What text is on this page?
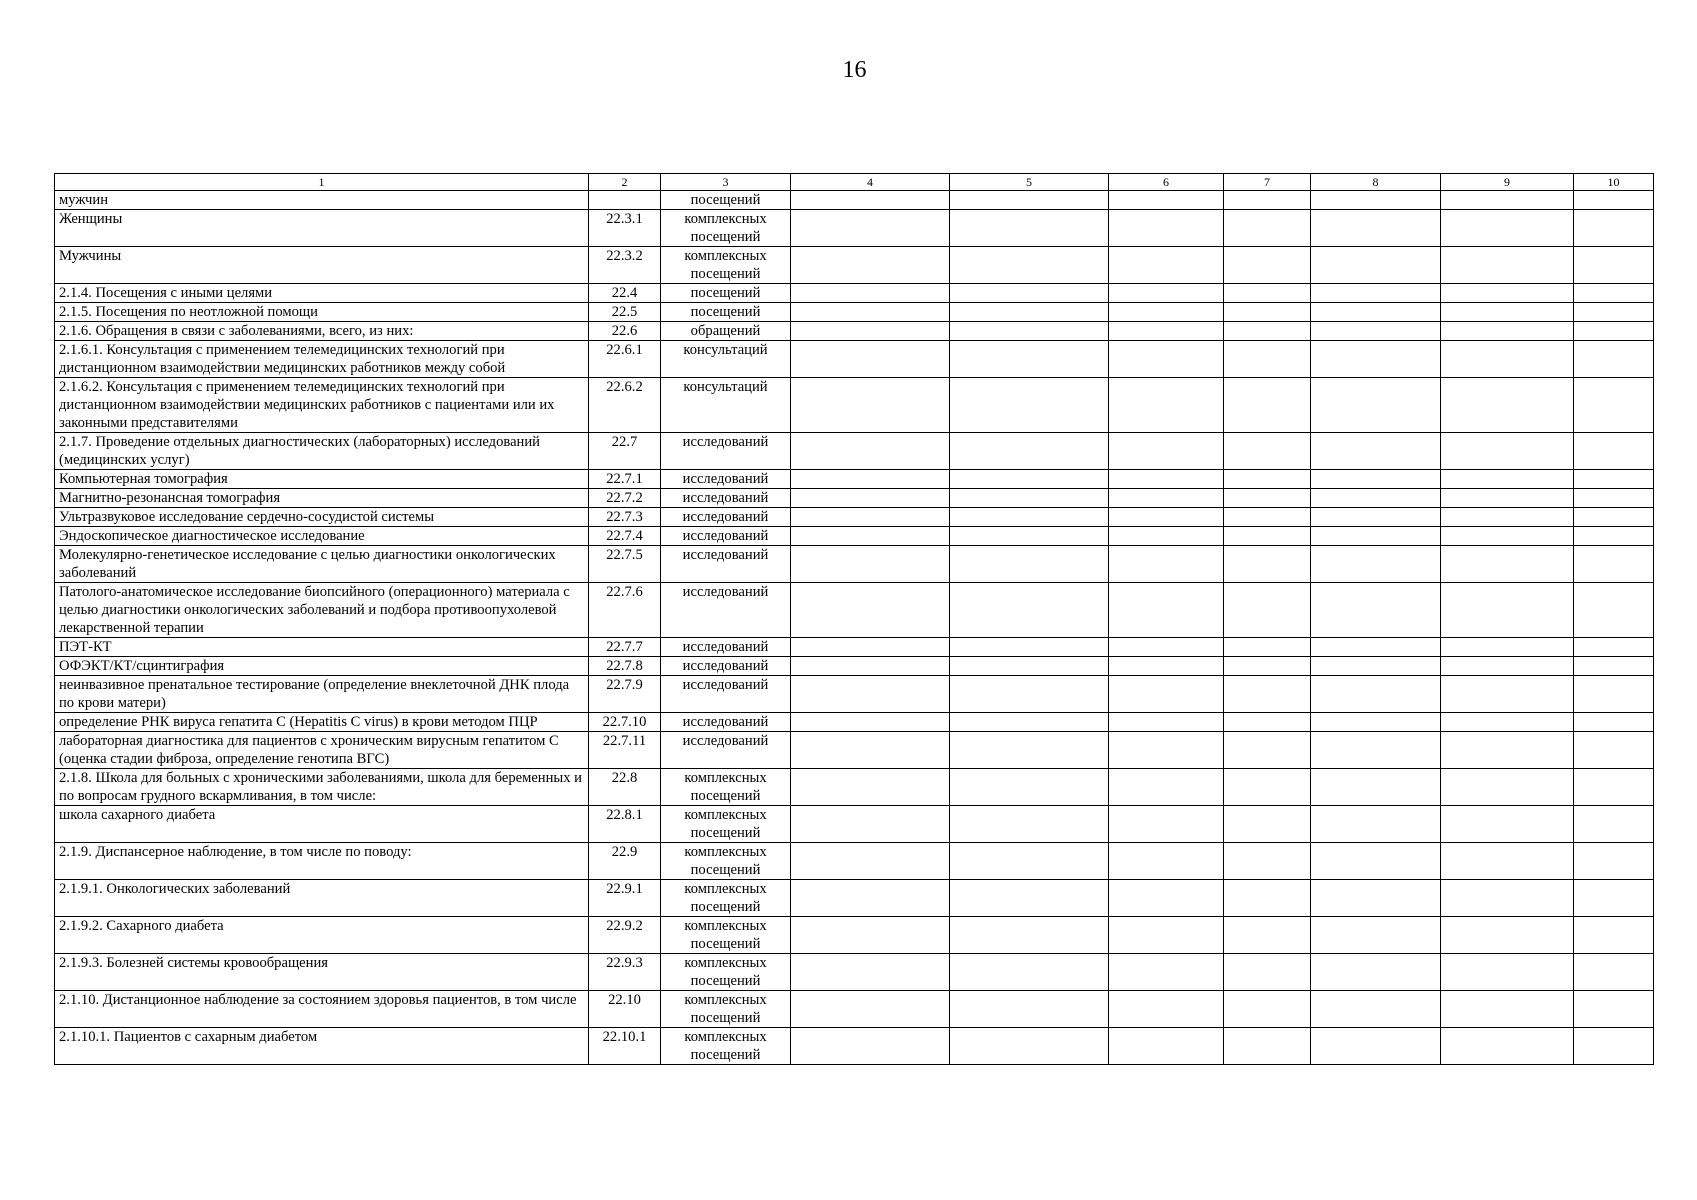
16
1	2	3	4	5	6	7	8	9	10
мужчин		посещений							
Женщины	22.3.1	комплексных посещений							
Мужчины	22.3.2	комплексных посещений							
2.1.4. Посещения с иными целями	22.4	посещений							
2.1.5. Посещения по неотложной помощи	22.5	посещений							
2.1.6. Обращения в связи с заболеваниями, всего, из них:	22.6	обращений							
2.1.6.1. Консультация с применением телемедицинских технологий при дистанционном взаимодействии медицинских работников между собой	22.6.1	консультаций							
2.1.6.2. Консультация с применением телемедицинских технологий при дистанционном взаимодействии медицинских работников с пациентами или их законными представителями	22.6.2	консультаций							
2.1.7. Проведение отдельных диагностических (лабораторных) исследований (медицинских услуг)	22.7	исследований							
Компьютерная томография	22.7.1	исследований							
Магнитно-резонансная томография	22.7.2	исследований							
Ультразвуковое исследование сердечно-сосудистой системы	22.7.3	исследований							
Эндоскопическое диагностическое исследование	22.7.4	исследований							
Молекулярно-генетическое исследование с целью диагностики онкологических заболеваний	22.7.5	исследований							
Патолого-анатомическое исследование биопсийного (операционного) материала с целью диагностики онкологических заболеваний и подбора противоопухолевой лекарственной терапии	22.7.6	исследований							
ПЭТ-КТ	22.7.7	исследований							
ОФЭКТ/КТ/сцинтиграфия	22.7.8	исследований							
неинвазивное пренатальное тестирование (определение внеклеточной ДНК плода по крови матери)	22.7.9	исследований							
определение РНК вируса гепатита С (Hepatitis C virus) в крови методом ПЦР	22.7.10	исследований							
лабораторная диагностика для пациентов с хроническим вирусным гепатитом С (оценка стадии фиброза, определение генотипа ВГС)	22.7.11	исследований							
2.1.8. Школа для больных с хроническими заболеваниями, школа для беременных и по вопросам грудного вскармливания, в том числе:	22.8	комплексных посещений							
школа сахарного диабета	22.8.1	комплексных посещений							
2.1.9. Диспансерное наблюдение, в том числе по поводу:	22.9	комплексных посещений							
2.1.9.1. Онкологических заболеваний	22.9.1	комплексных посещений							
2.1.9.2. Сахарного диабета	22.9.2	комплексных посещений							
2.1.9.3. Болезней системы кровообращения	22.9.3	комплексных посещений							
2.1.10. Дистанционное наблюдение за состоянием здоровья пациентов, в том числе	22.10	комплексных посещений							
2.1.10.1. Пациентов с сахарным диабетом	22.10.1	комплексных посещений							
